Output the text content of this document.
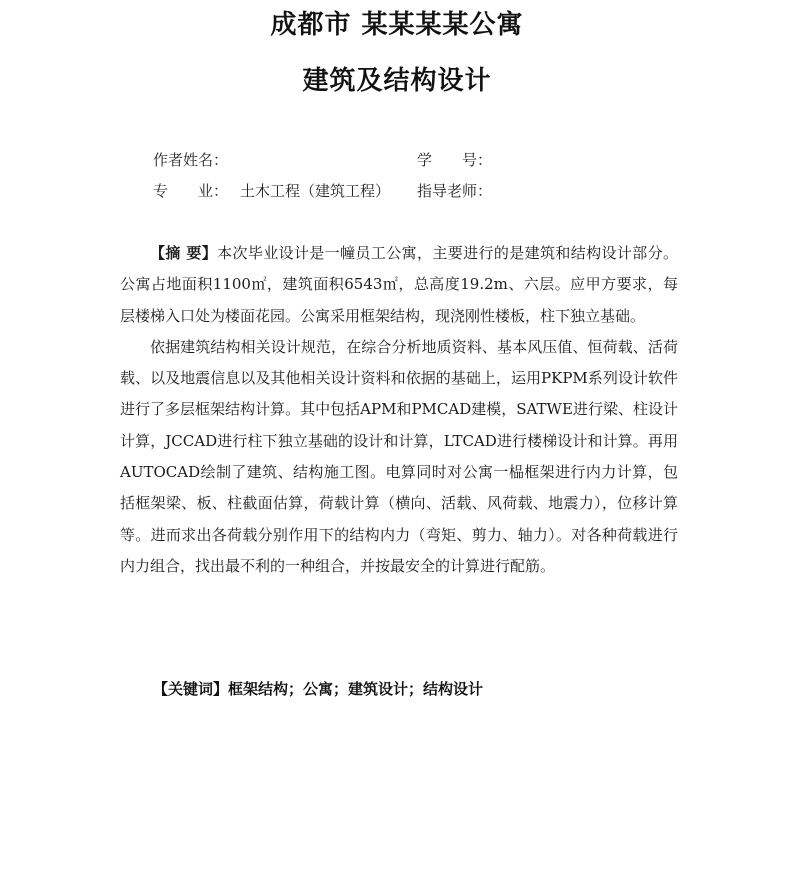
成都市 某某某某公寓
建筑及结构设计
作者姓名：	学　　号：
专　　业： 土木工程（建筑工程） 指导老师：

【摘 要】本次毕业设计是一幢员工公寓，主要进行的是建筑和结构设计部分。公寓占地面积1100㎡，建筑面积6543㎡，总高度19.2m、六层。应甲方要求，每层楼梯入口处为楼面花园。公寓采用框架结构，现浇刚性楼板，柱下独立基础。

依据建筑结构相关设计规范，在综合分析地质资料、基本风压值、恒荷载、活荷载、以及地震信息以及其他相关设计资料和依据的基础上，运用PKPM系列设计软件进行了多层框架结构计算。其中包括APM和PMCAD建模，SATWE进行梁、柱设计计算，JCCAD进行柱下独立基础的设计和计算，LTCAD进行楼梯设计和计算。再用AUTOCAD绘制了建筑、结构施工图。电算同时对公寓一榀框架进行内力计算，包括框架梁、板、柱截面估算，荷载计算（横向、活载、风荷载、地震力），位移计算等。进而求出各荷载分别作用下的结构内力（弯矩、剪力、轴力）。对各种荷载进行内力组合，找出最不利的一种组合，并按最安全的计算进行配筋。

【关键词】框架结构；公寓；建筑设计；结构设计
